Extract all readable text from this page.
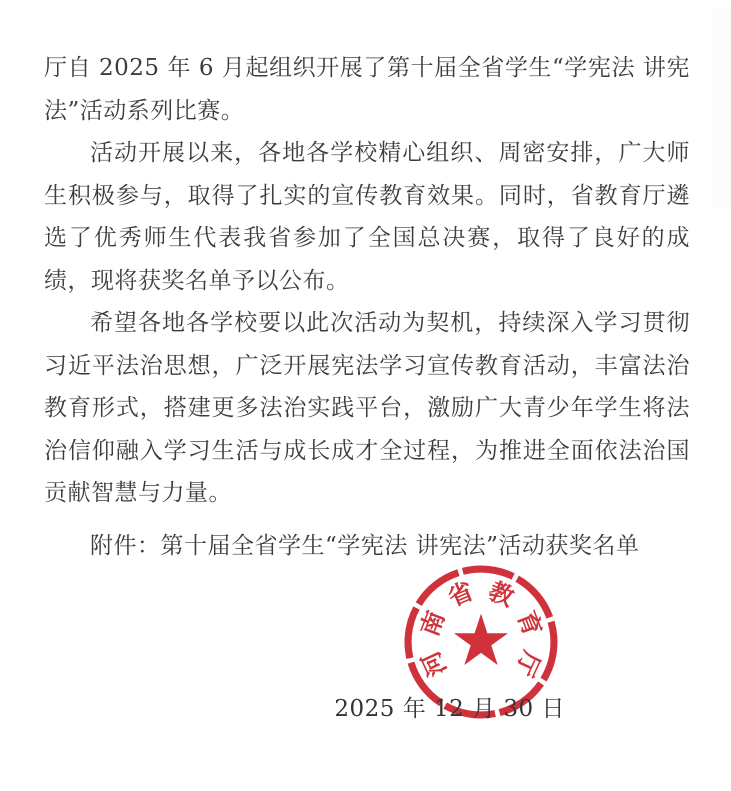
厅自 2025 年 6 月起组织开展了第十届全省学生“学宪法 讲宪法”活动系列比赛。

活动开展以来，各地各学校精心组织、周密安排，广大师生积极参与，取得了扎实的宣传教育效果。同时，省教育厅遴选了优秀师生代表我省参加了全国总决赛，取得了良好的成绩，现将获奖名单予以公布。

希望各地各学校要以此次活动为契机，持续深入学习贯彻习近平法治思想，广泛开展宪法学习宣传教育活动，丰富法治教育形式，搭建更多法治实践平台，激励广大青少年学生将法治信仰融入学习生活与成长成才全过程，为推进全面依法治国贡献智慧与力量。

附件：第十届全省学生“学宪法 讲宪法”活动获奖名单

2025 年 12 月 30 日
河
南
省 教
育
厅
